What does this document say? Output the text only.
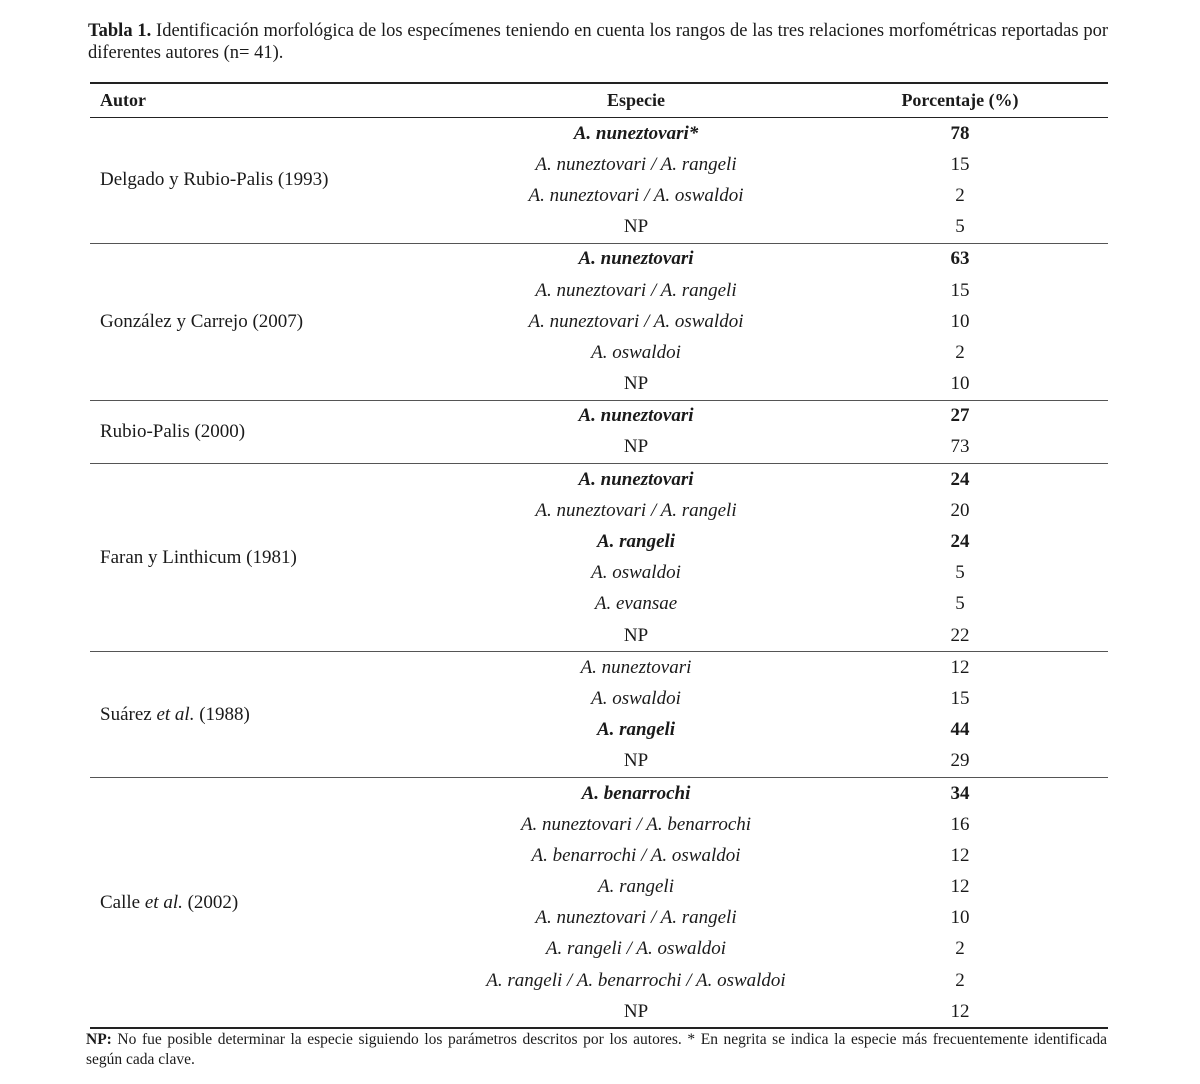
Tabla 1. Identificación morfológica de los especímenes teniendo en cuenta los rangos de las tres relaciones morfométricas reportadas por diferentes autores (n= 41).
Autor	Especie	Porcentaje (%)
Delgado y Rubio-Palis (1993)
A. nuneztovari*	78
A. nuneztovari / A. rangeli	15
A. nuneztovari / A. oswaldoi	2
NP	5
González y Carrejo (2007)
A. nuneztovari	63
A. nuneztovari / A. rangeli	15
A. nuneztovari / A. oswaldoi	10
A. oswaldoi	2
NP	10
Rubio-Palis (2000)
A. nuneztovari	27
NP	73
Faran y Linthicum (1981)
A. nuneztovari	24
A. nuneztovari / A. rangeli	20
A. rangeli	24
A. oswaldoi	5
A. evansae	5
NP	22
Suárez et al. (1988)
A. nuneztovari	12
A. oswaldoi	15
A. rangeli	44
NP	29
Calle et al. (2002)
A. benarrochi	34
A. nuneztovari / A. benarrochi	16
A. benarrochi / A. oswaldoi	12
A. rangeli	12
A. nuneztovari / A. rangeli	10
A. rangeli / A. oswaldoi	2
A. rangeli / A. benarrochi / A. oswaldoi	2
NP	12
NP: No fue posible determinar la especie siguiendo los parámetros descritos por los autores. * En negrita se indica la especie más frecuentemente identificada según cada clave.
